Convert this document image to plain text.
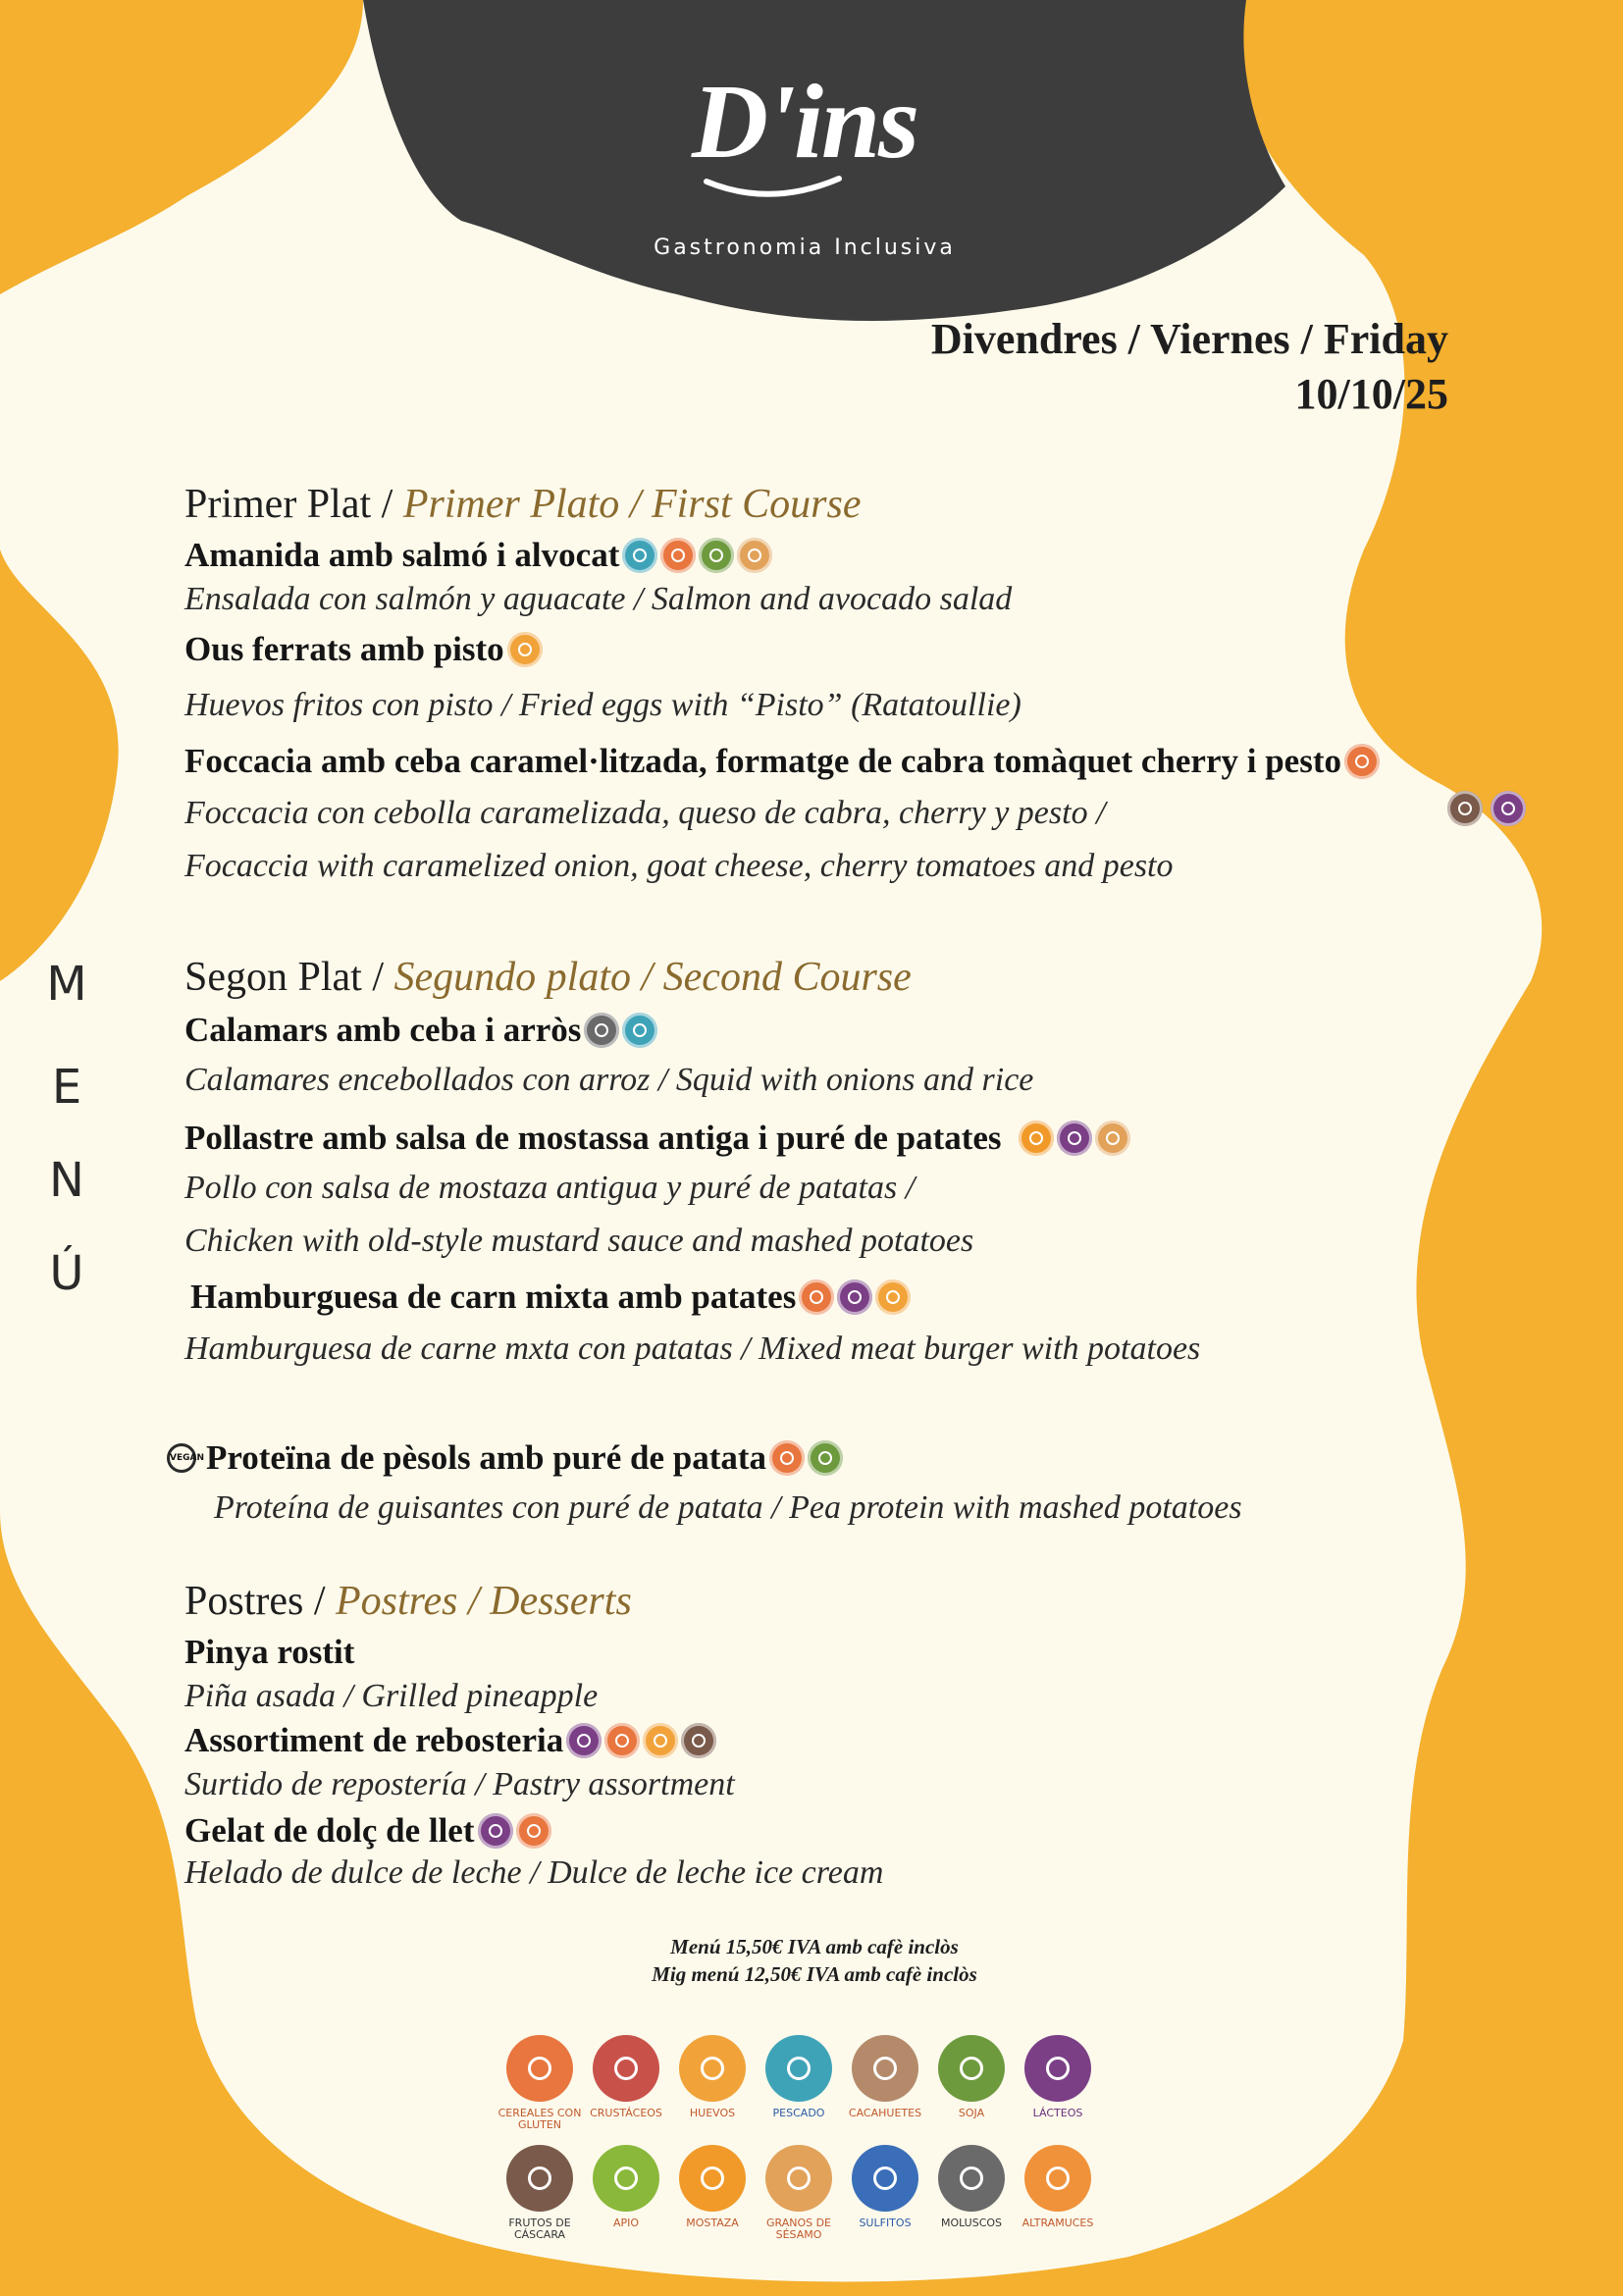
D'ins
Gastronomia Inclusiva
Divendres / Viernes / Friday
10/10/25
M
E
N
Ú
Primer Plat / Primer Plato / First Course
Amanida amb salmó i alvocat
Ensalada con salmón y aguacate / Salmon and avocado salad
Ous ferrats amb pisto
Huevos fritos con pisto / Fried eggs with “Pisto” (Ratatoullie)
Foccacia amb ceba caramel·litzada, formatge de cabra tomàquet cherry i pesto
Foccacia con cebolla caramelizada, queso de cabra, cherry y pesto /

Focaccia with caramelized onion, goat cheese, cherry tomatoes and pesto
Segon Plat / Segundo plato / Second Course
Calamars amb ceba i arròs
Calamares encebollados con arroz / Squid with onions and rice
Pollastre amb salsa de mostassa antiga i puré de patates
Pollo con salsa de mostaza antigua y puré de patatas /
Chicken with old-style mustard sauce and mashed potatoes
Hamburguesa de carn mixta amb patates
Hamburguesa de carne mxta con patatas / Mixed meat burger with potatoes
VEGAN Proteïna de pèsols amb puré de patata
Proteína de guisantes con puré de patata / Pea protein with mashed potatoes
Postres / Postres / Desserts
Pinya rostit
Piña asada / Grilled pineapple
Assortiment de rebosteria
Surtido de repostería / Pastry assortment
Gelat de dolç de llet
Helado de dulce de leche / Dulce de leche ice cream
Menú 15,50€ IVA amb cafè inclòs
Mig menú 12,50€ IVA amb cafè inclòs
CEREALES CON GLUTEN
CRUSTÁCEOS	HUEVOS	PESCADO	CACAHUETES	SOJA	LÁCTEOS
FRUTOS DE CÁSCARA
APIO	MOSTAZA	GRANOS DE SÉSAMO
SULFITOS	MOLUSCOS	ALTRAMUCES
